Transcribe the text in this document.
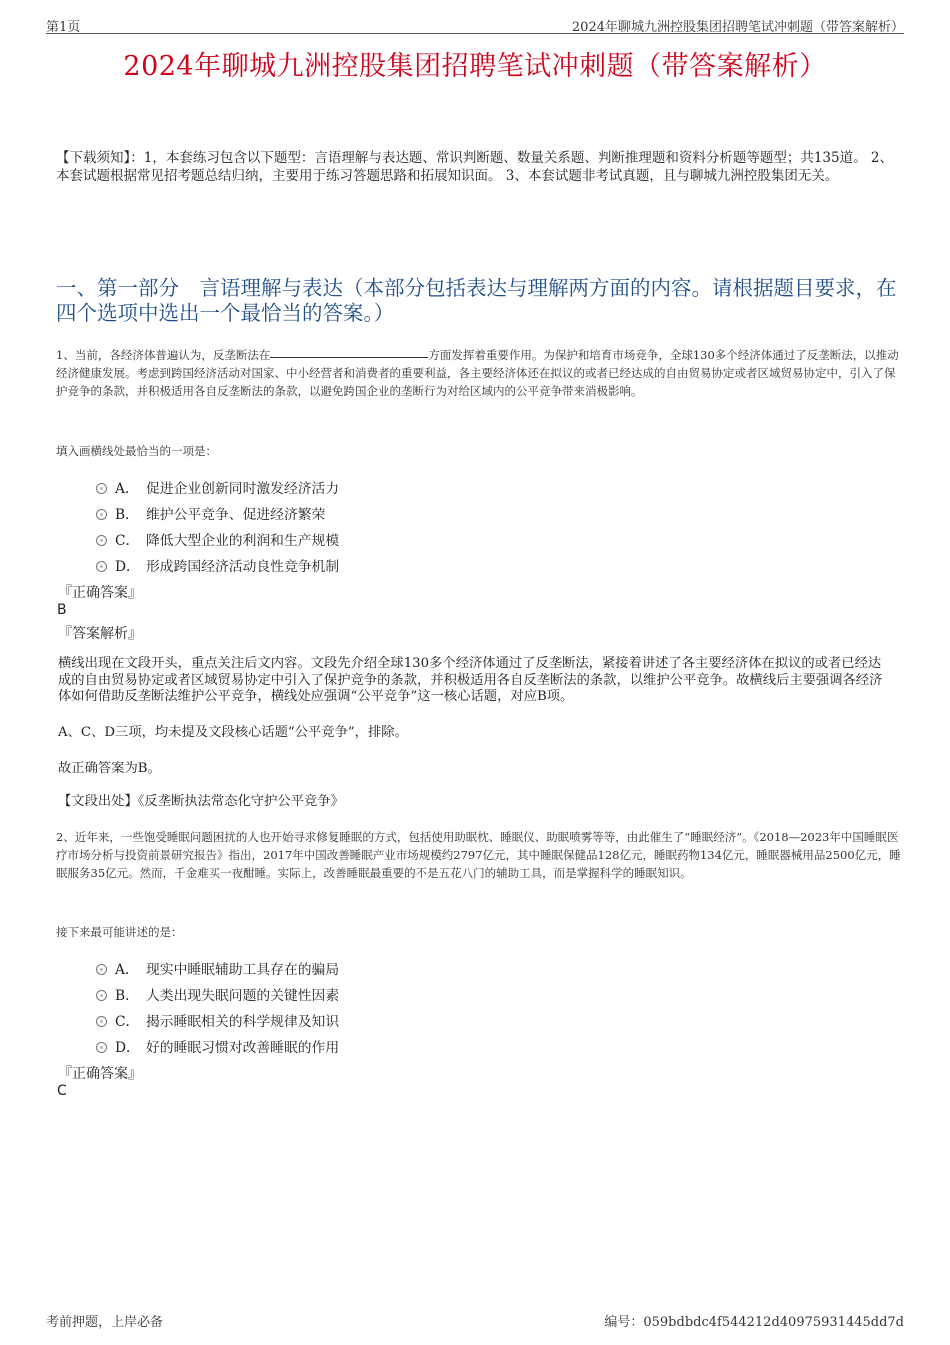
第1页	2024年聊城九洲控股集团招聘笔试冲刺题（带答案解析）
2024年聊城九洲控股集团招聘笔试冲刺题（带答案解析）
【下载须知】：1，本套练习包含以下题型：言语理解与表达题、常识判断题、数量关系题、判断推理题和资料分析题等题型；共135道。 2、本套试题根据常见招考题总结归纳，主要用于练习答题思路和拓展知识面。 3、本套试题非考试真题，且与聊城九洲控股集团无关。
一、第一部分　言语理解与表达（本部分包括表达与理解两方面的内容。请根据题目要求，在四个选项中选出一个最恰当的答案。）
1、当前，各经济体普遍认为，反垄断法在	方面发挥着重要作用。为保护和培育市场竞争，全球130多个经济体通过了反垄断法，以推动经济健康发展。考虑到跨国经济活动对国家、中小经营者和消费者的重要利益，各主要经济体还在拟议的或者已经达成的自由贸易协定或者区域贸易协定中，引入了保护竞争的条款，并积极适用各自反垄断法的条款，以避免跨国企业的垄断行为对给区域内的公平竞争带来消极影响。
填入画横线处最恰当的一项是：
A． 促进企业创新同时激发经济活力
B． 维护公平竞争、促进经济繁荣
C． 降低大型企业的利润和生产规模
D． 形成跨国经济活动良性竞争机制
『正确答案』
B
『答案解析』
横线出现在文段开头，重点关注后文内容。文段先介绍全球130多个经济体通过了反垄断法，紧接着讲述了各主要经济体在拟议的或者已经达成的自由贸易协定或者区域贸易协定中引入了保护竞争的条款，并积极适用各自反垄断法的条款，以维护公平竞争。故横线后主要强调各经济体如何借助反垄断法维护公平竞争，横线处应强调“公平竞争”这一核心话题，对应B项。
A、C、D三项，均未提及文段核心话题“公平竞争”，排除。
故正确答案为B。
【文段出处】《反垄断执法常态化守护公平竞争》
2、近年来，一些饱受睡眠问题困扰的人也开始寻求修复睡眠的方式，包括使用助眠枕、睡眠仪、助眠喷雾等等，由此催生了“睡眠经济”。《2018—2023年中国睡眠医疗市场分析与投资前景研究报告》指出，2017年中国改善睡眠产业市场规模约2797亿元，其中睡眠保健品128亿元，睡眠药物134亿元，睡眠器械用品2500亿元，睡眠服务35亿元。然而，千金难买一夜酣睡。实际上，改善睡眠最重要的不是五花八门的辅助工具，而是掌握科学的睡眠知识。
接下来最可能讲述的是：
A． 现实中睡眠辅助工具存在的骗局
B． 人类出现失眠问题的关键性因素
C． 揭示睡眠相关的科学规律及知识
D． 好的睡眠习惯对改善睡眠的作用
『正确答案』
C
考前押题，上岸必备	编号：059bdbdc4f544212d40975931445dd7d
